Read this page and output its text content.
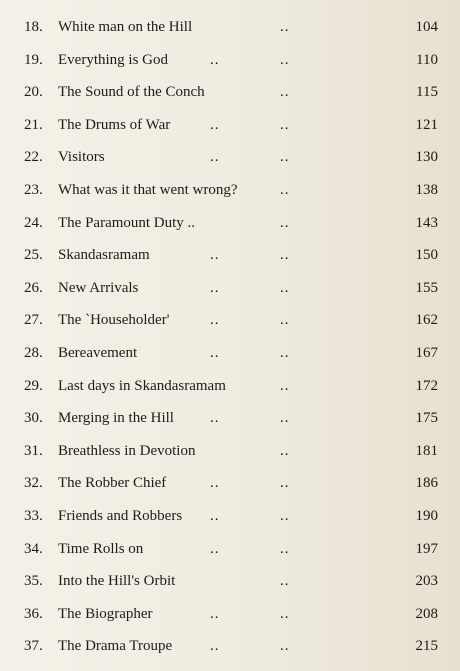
18.	White man on the Hill	..	104
19.	Everything is God	..	..	110
20.	The Sound of the Conch	..	115
21.	The Drums of War	..	..	121
22.	Visitors	..	..	130
23.	What was it that went wrong?	..	138
24.	The Paramount Duty ..	..	143
25.	Skandasramam	..	..	150
26.	New Arrivals	..	..	155
27.	The `Householder'	..	..	162
28.	Bereavement	..	..	167
29.	Last days in Skandasramam	..	172
30.	Merging in the Hill ..	..	175
31.	Breathless in Devotion	..	181
32.	The Robber Chief	..	..	186
33.	Friends and Robbers ..	..	190
34.	Time Rolls on	..	..	197
35.	Into the Hill's Orbit	..	203
36.	The Biographer	..	..	208
37.	The Drama Troupe	..	..	215
